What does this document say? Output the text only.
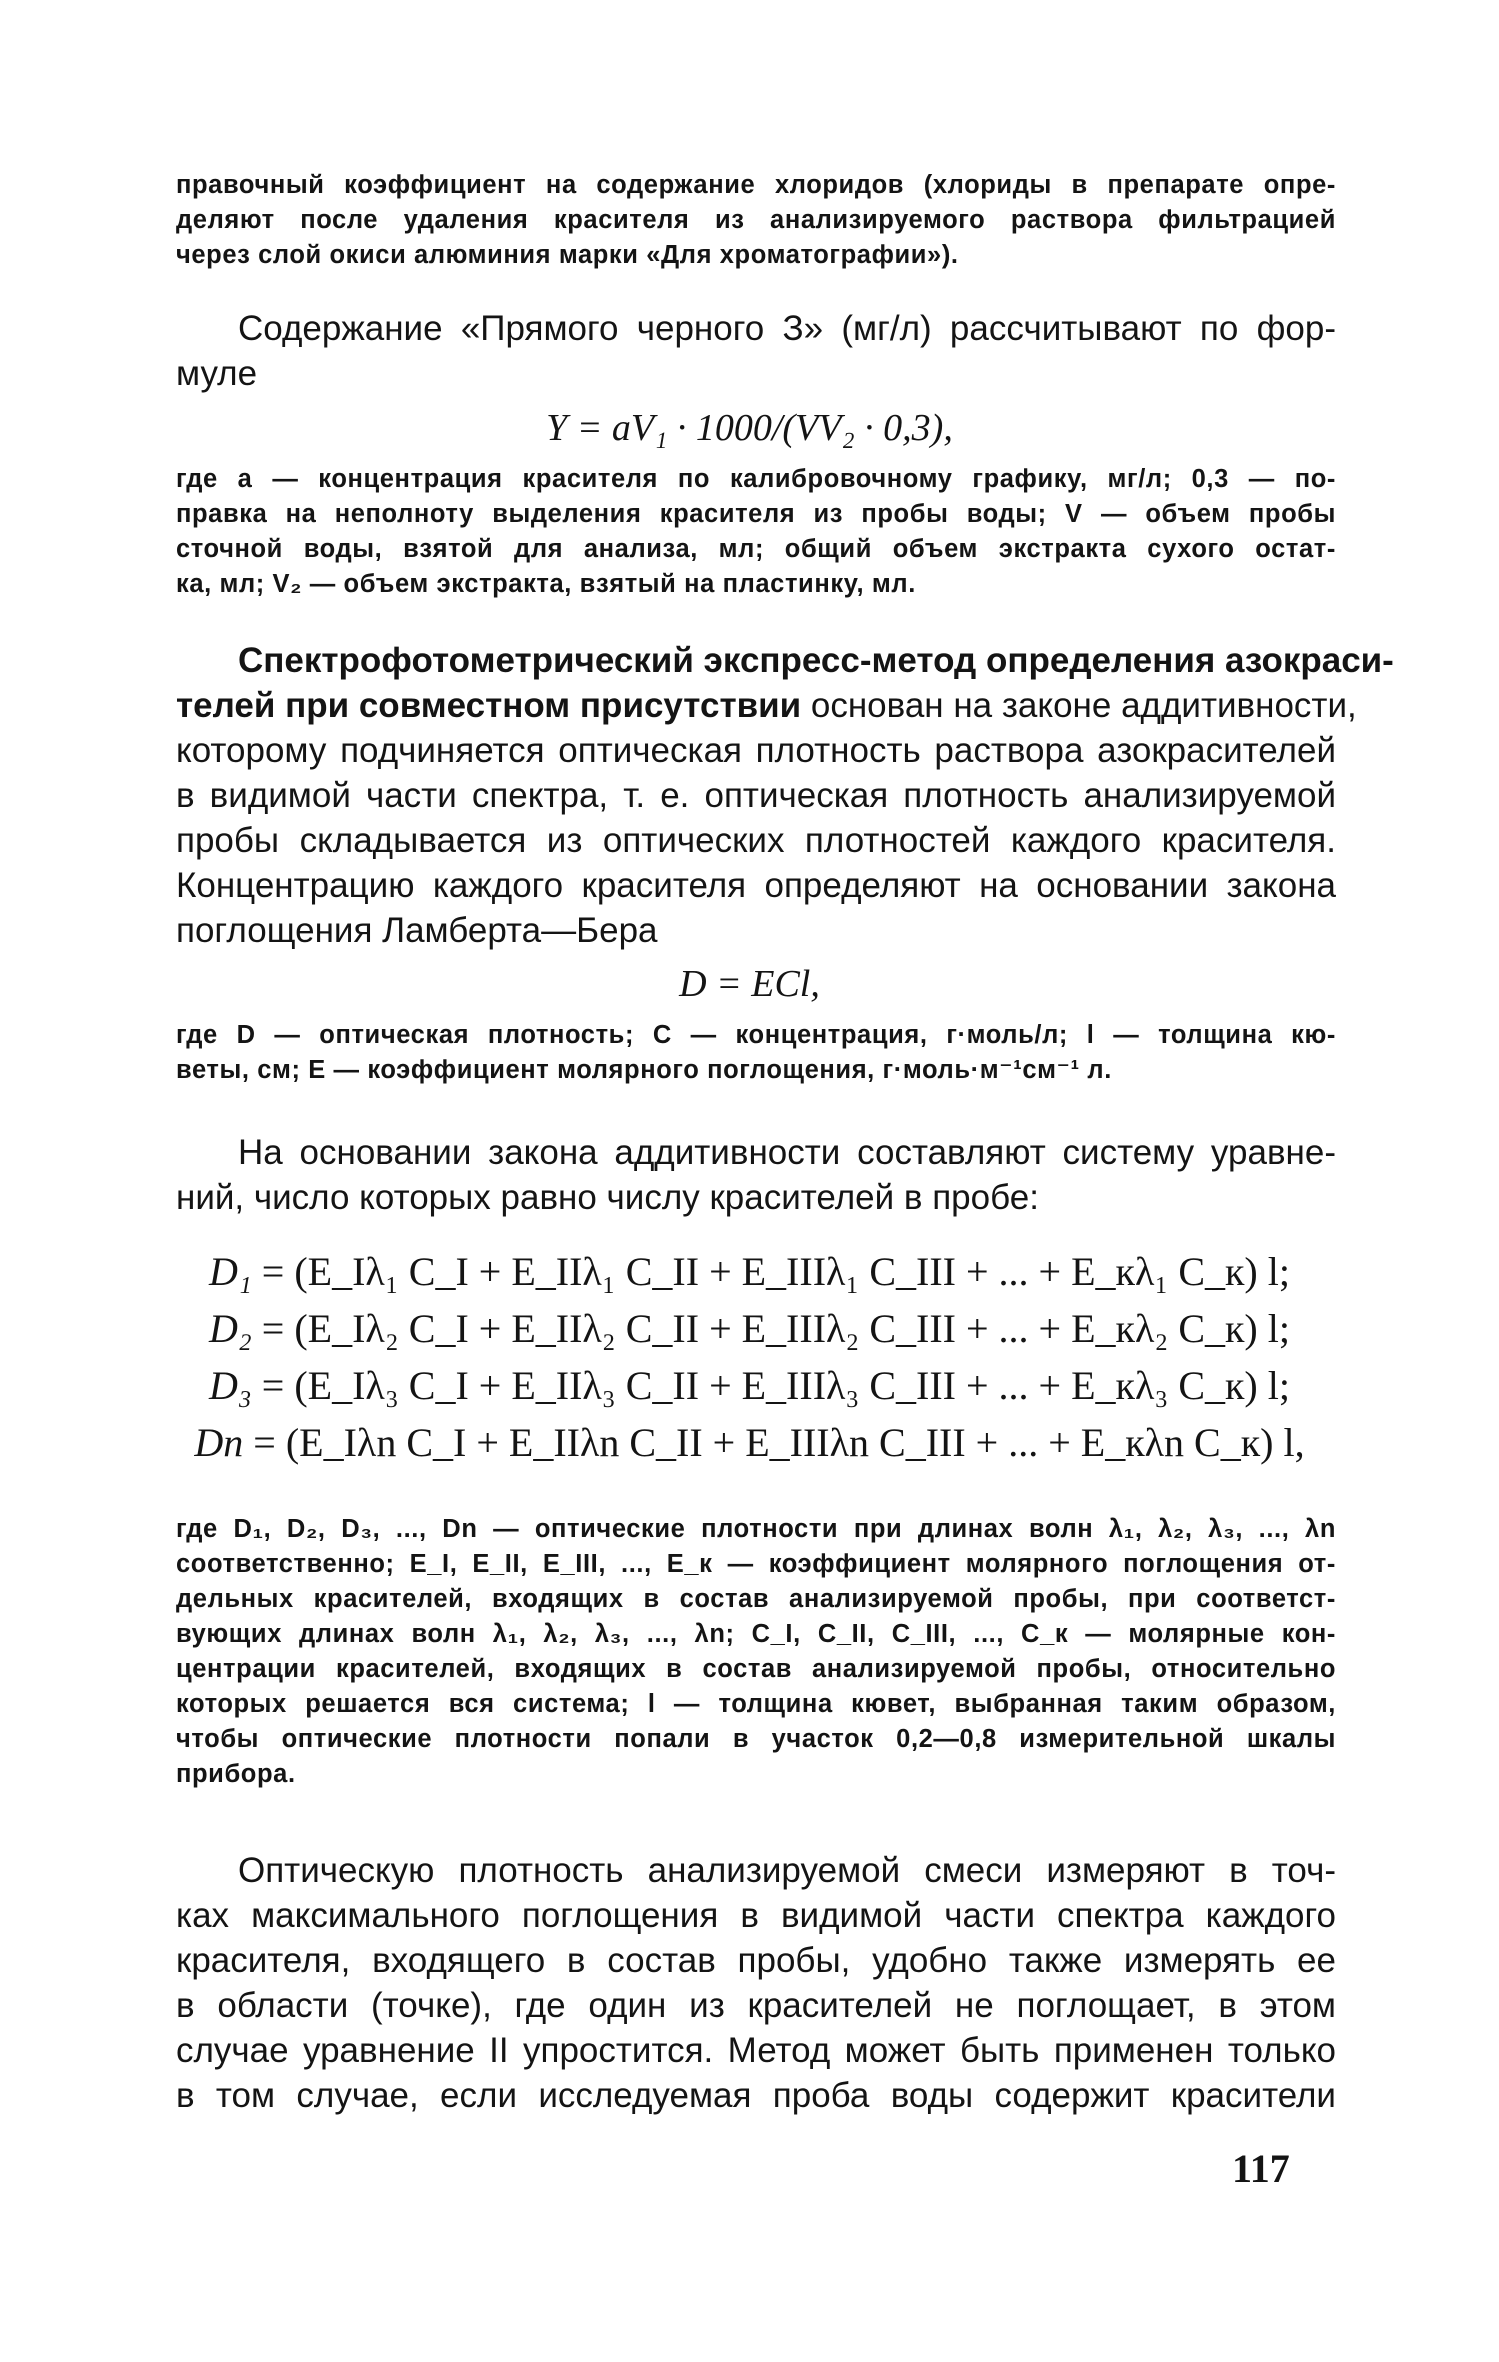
правочный коэффициент на содержание хлоридов (хлориды в препарате опре-
деляют после удаления красителя из анализируемого раствора фильтрацией
через слой окиси алюминия марки «Для хроматографии»).
Содержание «Прямого черного З» (мг/л) рассчитывают по фор-
муле
Y = aV₁ · 1000/(VV₂ · 0,3),
где a — концентрация красителя по калибровочному графику, мг/л; 0,3 — по-
правка на неполноту выделения красителя из пробы воды; V — объем пробы
сточной воды, взятой для анализа, мл; общий объем экстракта сухого остат-
ка, мл; V₂ — объем экстракта, взятый на пластинку, мл.
Спектрофотометрический экспресс-метод определения азокраси-
телей при совместном присутствии основан на законе аддитивности,
которому подчиняется оптическая плотность раствора азокрасителей
в видимой части спектра, т. е. оптическая плотность анализируемой
пробы складывается из оптических плотностей каждого красителя.
Концентрацию каждого красителя определяют на основании закона
поглощения Ламберта—Бера
D = ECl,
где D — оптическая плотность; C — концентрация, г·моль/л; l — толщина кю-
веты, см; E — коэффициент молярного поглощения, г·моль·м⁻¹см⁻¹ л.
На основании закона аддитивности составляют систему уравне-
ний, число которых равно числу красителей в пробе:
D₁ = (E_Iλ₁ C_I + E_IIλ₁ C_II + E_IIIλ₁ C_III + ... + E_кλ₁ C_к) l;
D₂ = (E_Iλ₂ C_I + E_IIλ₂ C_II + E_IIIλ₂ C_III + ... + E_кλ₂ C_к) l;
D₃ = (E_Iλ₃ C_I + E_IIλ₃ C_II + E_IIIλ₃ C_III + ... + E_кλ₃ C_к) l;
Dn = (E_Iλn C_I + E_IIλn C_II + E_IIIλn C_III + ... + E_кλn C_к) l,
где D₁, D₂, D₃, ..., Dn — оптические плотности при длинах волн λ₁, λ₂, λ₃, ..., λn
соответственно; E_I, E_II, E_III, ..., E_к — коэффициент молярного поглощения от-
дельных красителей, входящих в состав анализируемой пробы, при соответст-
вующих длинах волн λ₁, λ₂, λ₃, ..., λn; C_I, C_II, C_III, ..., C_к — молярные кон-
центрации красителей, входящих в состав анализируемой пробы, относительно
которых решается вся система; l — толщина кювет, выбранная таким образом,
чтобы оптические плотности попали в участок 0,2—0,8 измерительной шкалы
прибора.
Оптическую плотность анализируемой смеси измеряют в точ-
ках максимального поглощения в видимой части спектра каждого
красителя, входящего в состав пробы, удобно также измерять ее
в области (точке), где один из красителей не поглощает, в этом
случае уравнение II упростится. Метод может быть применен только
в том случае, если исследуемая проба воды содержит красители
117
